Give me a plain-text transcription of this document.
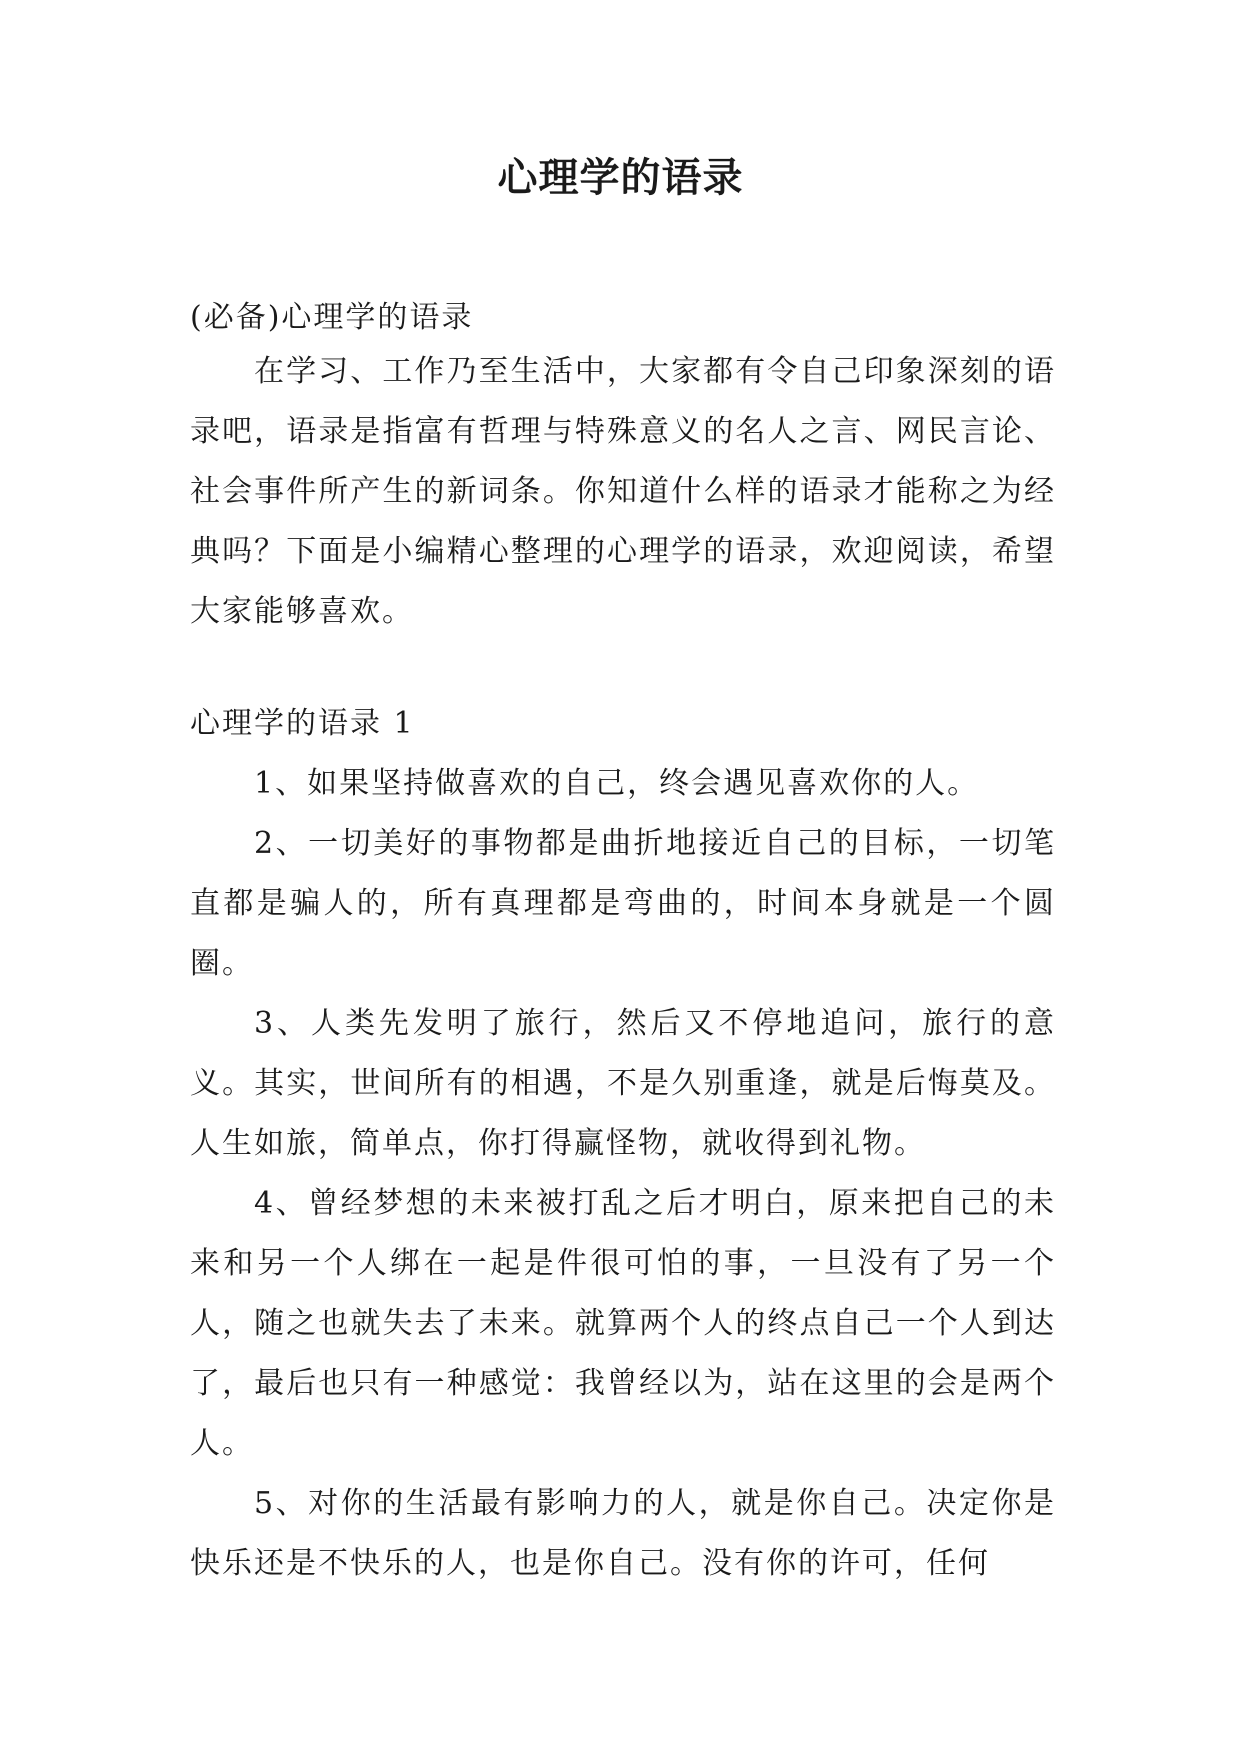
心理学的语录

(必备)心理学的语录

在学习、工作乃至生活中，大家都有令自己印象深刻的语录吧，语录是指富有哲理与特殊意义的名人之言、网民言论、社会事件所产生的新词条。你知道什么样的语录才能称之为经典吗？下面是小编精心整理的心理学的语录，欢迎阅读，希望大家能够喜欢。

心理学的语录 1

1、如果坚持做喜欢的自己，终会遇见喜欢你的人。

2、一切美好的事物都是曲折地接近自己的目标，一切笔直都是骗人的，所有真理都是弯曲的，时间本身就是一个圆圈。

3、人类先发明了旅行，然后又不停地追问，旅行的意义。其实，世间所有的相遇，不是久别重逢，就是后悔莫及。人生如旅，简单点，你打得赢怪物，就收得到礼物。

4、曾经梦想的未来被打乱之后才明白，原来把自己的未来和另一个人绑在一起是件很可怕的事，一旦没有了另一个人，随之也就失去了未来。就算两个人的终点自己一个人到达了，最后也只有一种感觉：我曾经以为，站在这里的会是两个人。

5、对你的生活最有影响力的人，就是你自己。决定你是快乐还是不快乐的人，也是你自己。没有你的许可，任何
